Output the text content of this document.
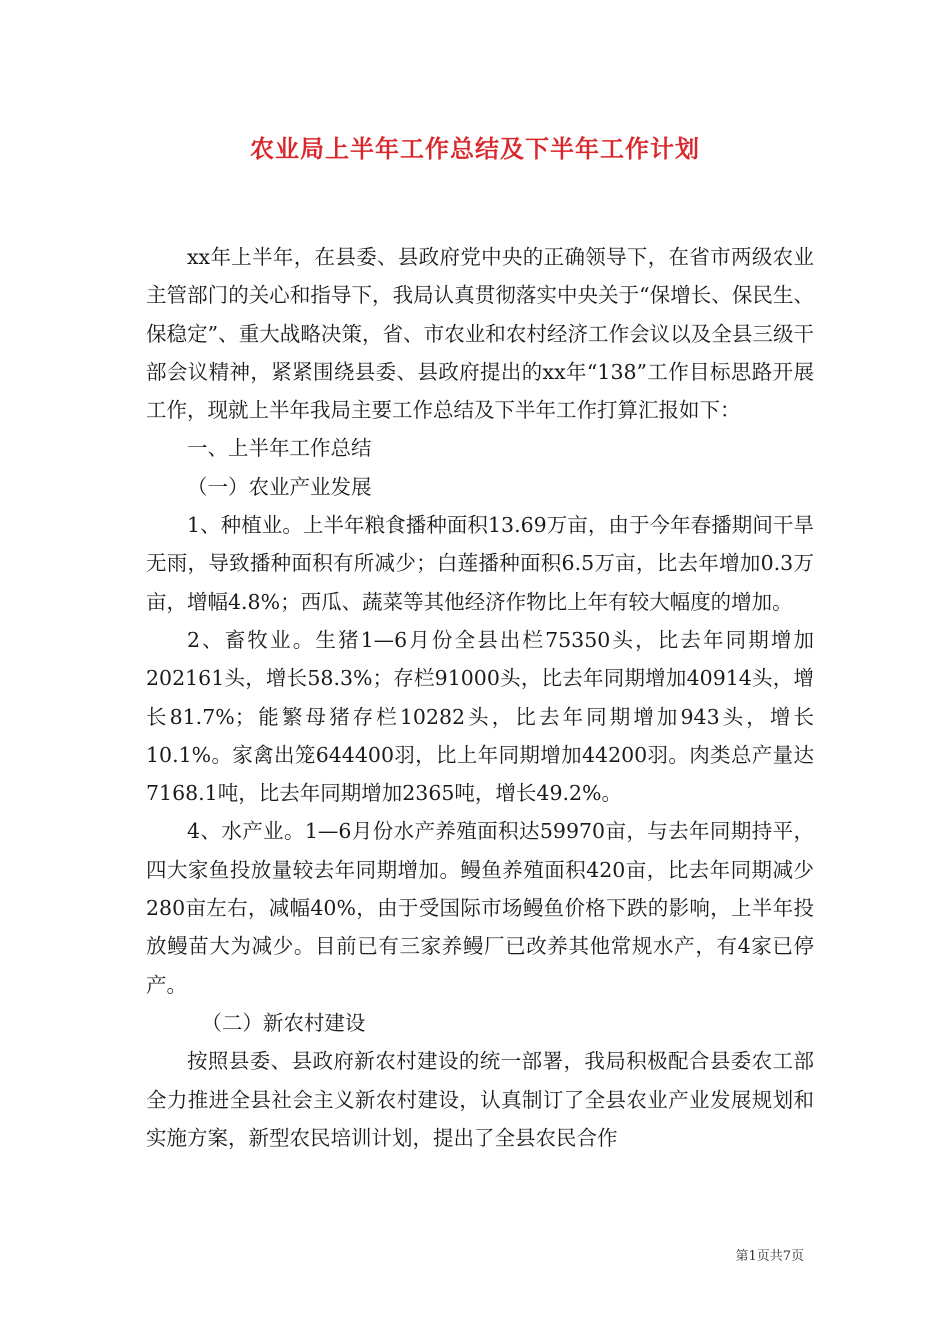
农业局上半年工作总结及下半年工作计划

xx年上半年，在县委、县政府党中央的正确领导下，在省市两级农业主管部门的关心和指导下，我局认真贯彻落实中央关于“保增长、保民生、保稳定”、重大战略决策，省、市农业和农村经济工作会议以及全县三级干部会议精神，紧紧围绕县委、县政府提出的xx年“138”工作目标思路开展工作，现就上半年我局主要工作总结及下半年工作打算汇报如下：

一、上半年工作总结

（一）农业产业发展

1、种植业。上半年粮食播种面积13.69万亩，由于今年春播期间干旱无雨，导致播种面积有所减少；白莲播种面积6.5万亩，比去年增加0.3万亩，增幅4.8%；西瓜、蔬菜等其他经济作物比上年有较大幅度的增加。

2、畜牧业。生猪1—6月份全县出栏75350头，比去年同期增加202161头，增长58.3%；存栏91000头，比去年同期增加40914头，增长81.7%；能繁母猪存栏10282头，比去年同期增加943头，增长10.1%。家禽出笼644400羽，比上年同期增加44200羽。肉类总产量达7168.1吨，比去年同期增加2365吨，增长49.2%。

4、水产业。1—6月份水产养殖面积达59970亩，与去年同期持平，四大家鱼投放量较去年同期增加。鳗鱼养殖面积420亩，比去年同期减少280亩左右，减幅40%，由于受国际市场鳗鱼价格下跌的影响，上半年投放鳗苗大为减少。目前已有三家养鳗厂已改养其他常规水产，有4家已停产。

（二）新农村建设

按照县委、县政府新农村建设的统一部署，我局积极配合县委农工部全力推进全县社会主义新农村建设，认真制订了全县农业产业发展规划和实施方案，新型农民培训计划，提出了全县农民合作

第1页共7页
